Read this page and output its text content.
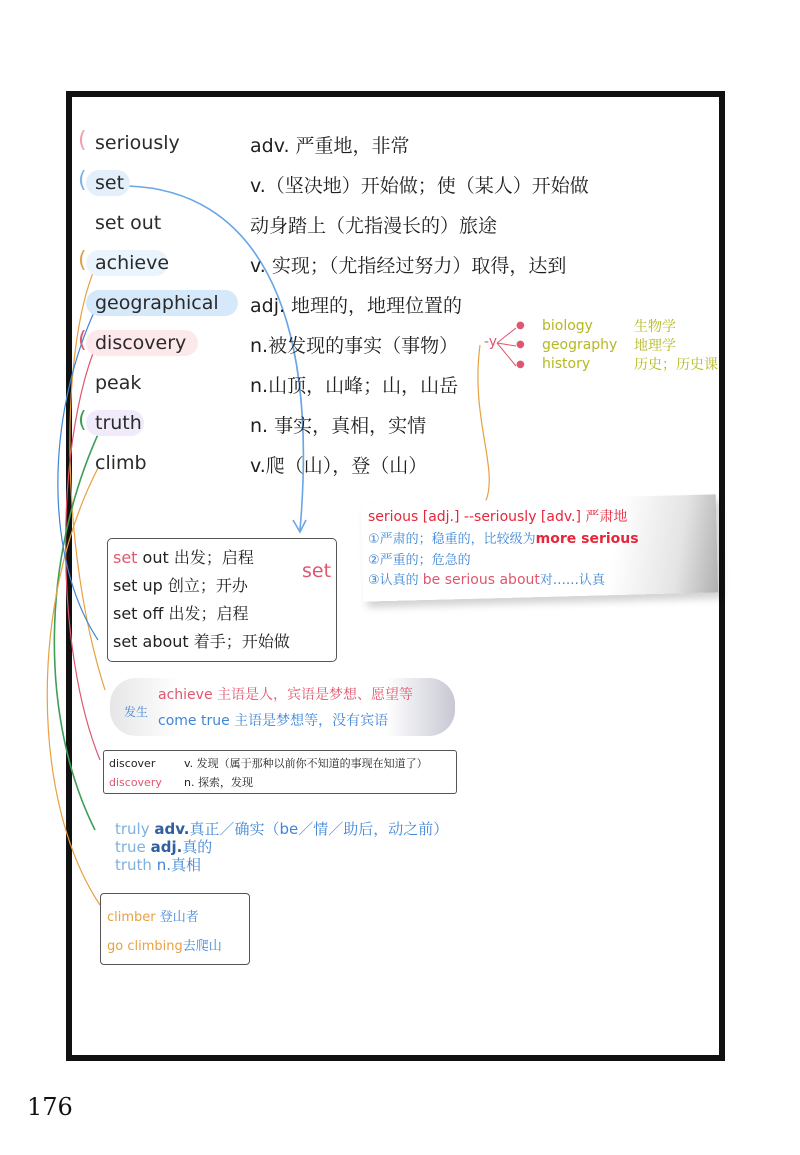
(
(
(
(
(
seriously	adv. 严重地，非常
set	v.（坚决地）开始做；使（某人）开始做
set out	动身踏上（尤指漫长的）旅途
achieve	v. 实现；（尤指经过努力）取得，达到
geographical adj. 地理的，地理位置的
discovery	n.被发现的事实（事物）
peak	n.山顶，山峰；山，山岳
truth	n. 事实，真相，实情
climb	v.爬（山），登（山）
-y
●
●
●
biology	生物学
geography 地理学
history	历史；历史课
serious [adj.] --seriously [adv.] 严肃地
①严肃的；稳重的，比较级为more serious
②严重的；危急的
③认真的 be serious about对……认真
set
set out 出发；启程
set up 创立；开办
set off 出发；启程
set about 着手；开始做
发生
achieve 主语是人，宾语是梦想、愿望等
come true 主语是梦想等，没有宾语
discover	v. 发现（属于那种以前你不知道的事现在知道了）
discovery n. 探索，发现
truly adv.真正／确实（be／情／助后，动之前）
true adj.真的
truth n.真相
climber 登山者
go climbing去爬山
176
